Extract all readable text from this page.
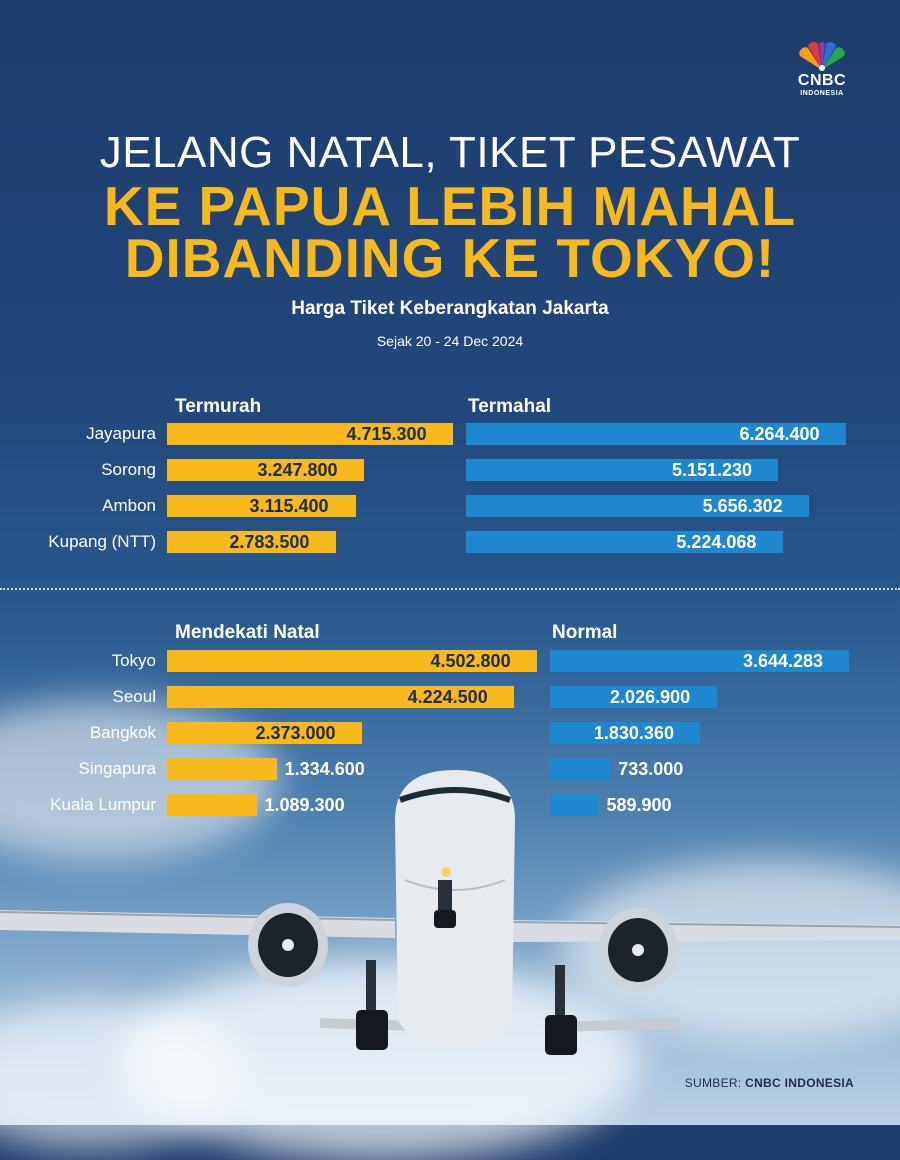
CNBC
INDONESIA
JELANG NATAL, TIKET PESAWAT
KE PAPUA LEBIH MAHAL
DIBANDING KE TOKYO!
Harga Tiket Keberangkatan Jakarta
Sejak 20 - 24 Dec 2024
Termurah	Termahal
Jayapura	4.715.300	6.264.400
Sorong	3.247.800	5.151.230
Ambon	3.115.400	5.656.302
Kupang (NTT)	2.783.500	5.224.068
Mendekati Natal	Normal
Tokyo	4.502.800	3.644.283
Seoul	4.224.500	2.026.900
Bangkok	2.373.000	1.830.360
Singapura	1.334.600	733.000
Kuala Lumpur	1.089.300	589.900
SUMBER: CNBC INDONESIA
